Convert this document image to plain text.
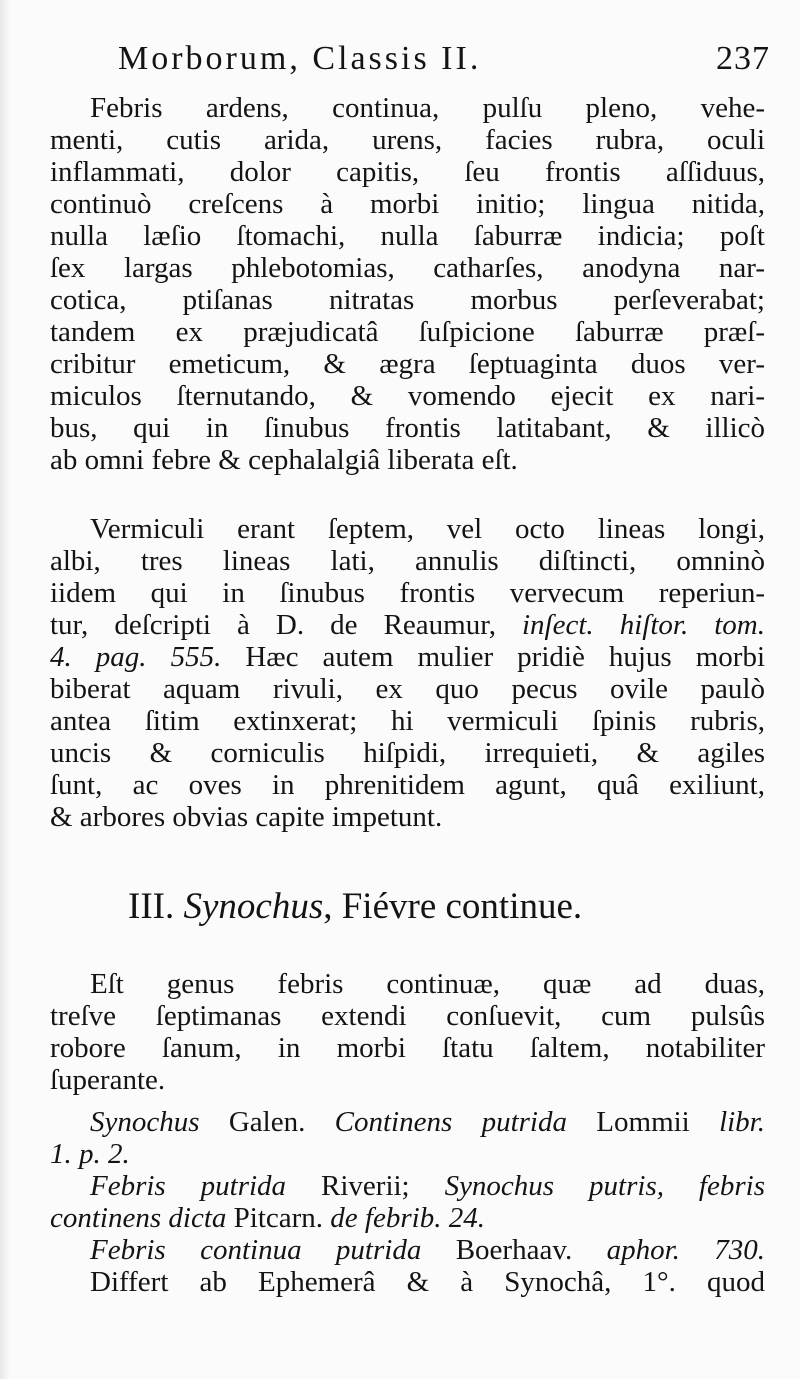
Morborum, Classis II.	237
Febris ardens, continua, pulſu pleno, vehe-
menti, cutis arida, urens, facies rubra, oculi
inflammati, dolor capitis, ſeu frontis aſſiduus,
continuò creſcens à morbi initio; lingua nitida,
nulla læſio ſtomachi, nulla ſaburræ indicia; poſt
ſex largas phlebotomias, catharſes, anodyna nar-
cotica, ptiſanas nitratas morbus perſeverabat;
tandem ex præjudicatâ ſuſpicione ſaburræ præſ-
cribitur emeticum, & ægra ſeptuaginta duos ver-
miculos ſternutando, & vomendo ejecit ex nari-
bus, qui in ſinubus frontis latitabant, & illicò
ab omni febre & cephalalgiâ liberata eſt.
Vermiculi erant ſeptem, vel octo lineas longi,
albi, tres lineas lati, annulis diſtincti, omninò
iidem qui in ſinubus frontis vervecum reperiun-
tur, deſcripti à D. de Reaumur, inſect. hiſtor. tom.
4. pag. 555. Hæc autem mulier pridiè hujus morbi
biberat aquam rivuli, ex quo pecus ovile paulò
antea ſitim extinxerat; hi vermiculi ſpinis rubris,
uncis & corniculis hiſpidi, irrequieti, & agiles
ſunt, ac oves in phrenitidem agunt, quâ exiliunt,
& arbores obvias capite impetunt.
III. Synochus, Fiévre continue.
Eſt genus febris continuæ, quæ ad duas,
treſve ſeptimanas extendi conſuevit, cum pulsûs
robore ſanum, in morbi ſtatu ſaltem, notabiliter
ſuperante.
Synochus Galen. Continens putrida Lommii libr.
1. p. 2.
Febris putrida Riverii; Synochus putris, febris
continens dicta Pitcarn. de febrib. 24.
Febris continua putrida Boerhaav. aphor. 730.
Differt ab Ephemerâ & à Synochâ, 1°. quod
